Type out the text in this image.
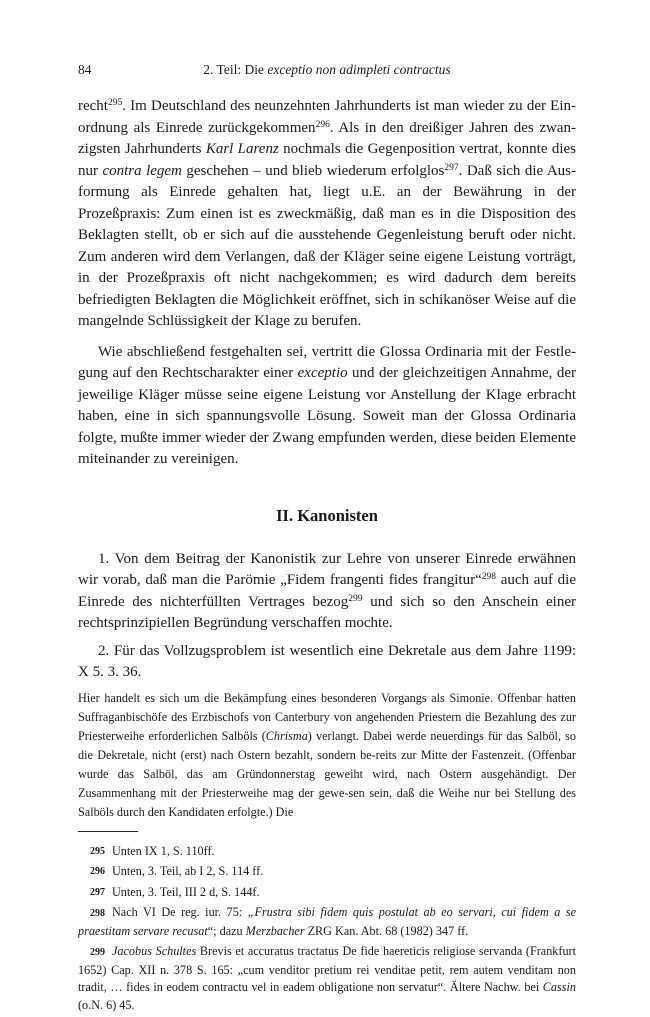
84	2. Teil: Die exceptio non adimpleti contractus

recht$^{295}$. Im Deutschland des neunzehnten Jahrhunderts ist man wieder zu der Ein-ordnung als Einrede zurückgekommen$^{296}$. Als in den dreißiger Jahren des zwan-zigsten Jahrhunderts Karl Larenz nochmals die Gegenposition vertrat, konnte dies nur contra legem geschehen – und blieb wiederum erfolglos$^{297}$. Daß sich die Aus-formung als Einrede gehalten hat, liegt u.E. an der Bewährung in der Prozeßpraxis: Zum einen ist es zweckmäßig, daß man es in die Disposition des Beklagten stellt, ob er sich auf die ausstehende Gegenleistung beruft oder nicht. Zum anderen wird dem Verlangen, daß der Kläger seine eigene Leistung vorträgt, in der Prozeßpraxis oft nicht nachgekommen; es wird dadurch dem bereits befriedigten Beklagten die Möglichkeit eröffnet, sich in schikanöser Weise auf die mangelnde Schlüssigkeit der Klage zu berufen.

Wie abschließend festgehalten sei, vertritt die Glossa Ordinaria mit der Festle-gung auf den Rechtscharakter einer exceptio und der gleichzeitigen Annahme, der jeweilige Kläger müsse seine eigene Leistung vor Anstellung der Klage erbracht haben, eine in sich spannungsvolle Lösung. Soweit man der Glossa Ordinaria folgte, mußte immer wieder der Zwang empfunden werden, diese beiden Elemente miteinander zu vereinigen.

II. Kanonisten

1. Von dem Beitrag der Kanonistik zur Lehre von unserer Einrede erwähnen wir vorab, daß man die Parömie „Fidem frangenti fides frangitur“$^{298}$ auch auf die Einrede des nichterfüllten Vertrages bezog$^{299}$ und sich so den Anschein einer rechtsprinzipiellen Begründung verschaffen mochte.

2. Für das Vollzugsproblem ist wesentlich eine Dekretale aus dem Jahre 1199: X 5. 3. 36.

Hier handelt es sich um die Bekämpfung eines besonderen Vorgangs als Simonie. Offenbar hatten Suffraganbischöfe des Erzbischofs von Canterbury von angehenden Priestern die Bezahlung des zur Priesterweihe erforderlichen Salböls (Chrisma) verlangt. Dabei werde neuerdings für das Salböl, so die Dekretale, nicht (erst) nach Ostern bezahlt, sondern be-reits zur Mitte der Fastenzeit. (Offenbar wurde das Salböl, das am Gründonnerstag geweiht wird, nach Ostern ausgehändigt. Der Zusammenhang mit der Priesterweihe mag der gewe-sen sein, daß die Weihe nur bei Stellung des Salböls durch den Kandidaten erfolgte.) Die

295 Unten IX 1, S. 110ff.
296 Unten, 3. Teil, ab I 2, S. 114 ff.
297 Unten, 3. Teil, III 2 d, S. 144f.
298 Nach VI De reg. iur. 75: „Frustra sibi fidem quis postulat ab eo servari, cui fidem a se praestitam servare recusat“; dazu Merzbacher ZRG Kan. Abt. 68 (1982) 347 ff.
299 Jacobus Schultes Brevis et accuratus tractatus De fide haereticis religiose servanda (Frankfurt 1652) Cap. XII n. 378 S. 165: „cum venditor pretium rei venditae petit, rem autem venditam non tradit, … fides in eodem contractu vel in eadem obligatione non servatur“. Ältere Nachw. bei Cassin (o.N. 6) 45.
